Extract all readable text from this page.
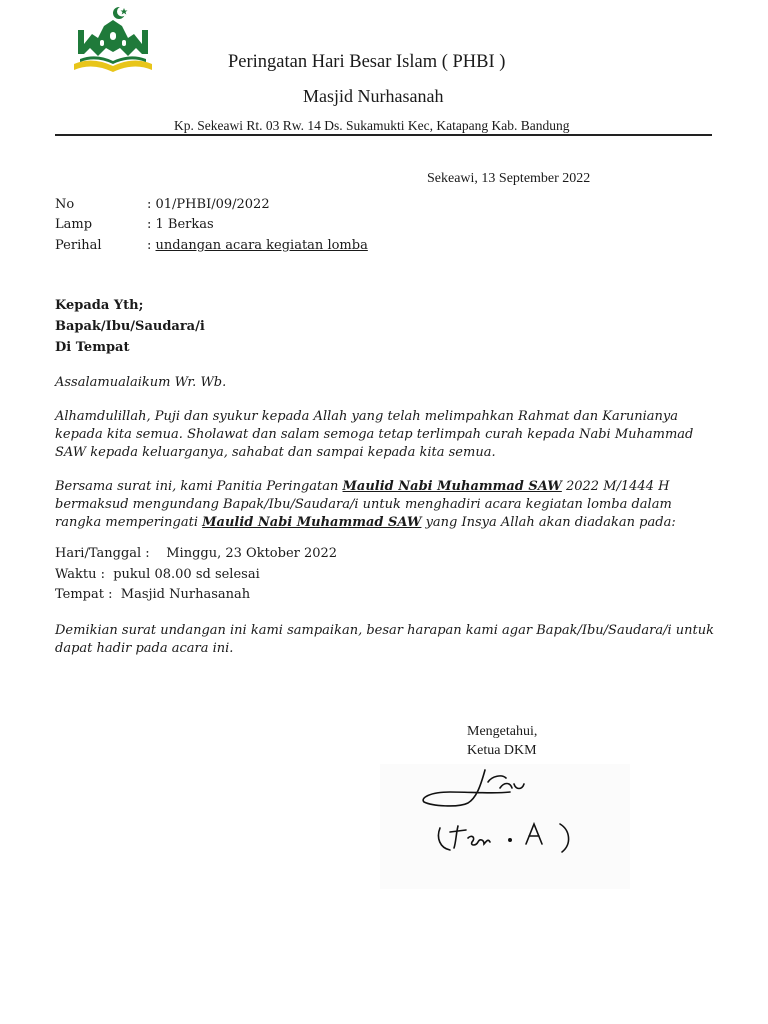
Peringatan Hari Besar Islam ( PHBI )
Masjid Nurhasanah
Kp. Sekeawi Rt. 03 Rw. 14 Ds. Sukamukti Kec, Katapang Kab. Bandung
Sekeawi, 13 September 2022
No	: 01/PHBI/09/2022
Lamp	: 1 Berkas
Perihal	: undangan acara kegiatan lomba
Kepada Yth;
Bapak/Ibu/Saudara/i
Di Tempat
Assalamualaikum Wr. Wb.
Alhamdulillah, Puji dan syukur kepada Allah yang telah melimpahkan Rahmat dan Karunianya kepada kita semua. Sholawat dan salam semoga tetap terlimpah curah kepada Nabi Muhammad SAW kepada keluarganya, sahabat dan sampai kepada kita semua.
Bersama surat ini, kami Panitia Peringatan Maulid Nabi Muhammad SAW 2022 M/1444 H bermaksud mengundang Bapak/Ibu/Saudara/i untuk menghadiri acara kegiatan lomba dalam rangka memperingati Maulid Nabi Muhammad SAW yang Insya Allah akan diadakan pada:
Hari/Tanggal : Minggu, 23 Oktober 2022
Waktu : pukul 08.00 sd selesai
Tempat : Masjid Nurhasanah
Demikian surat undangan ini kami sampaikan, besar harapan kami agar Bapak/Ibu/Saudara/i untuk dapat hadir pada acara ini.
Mengetahui,
Ketua DKM
